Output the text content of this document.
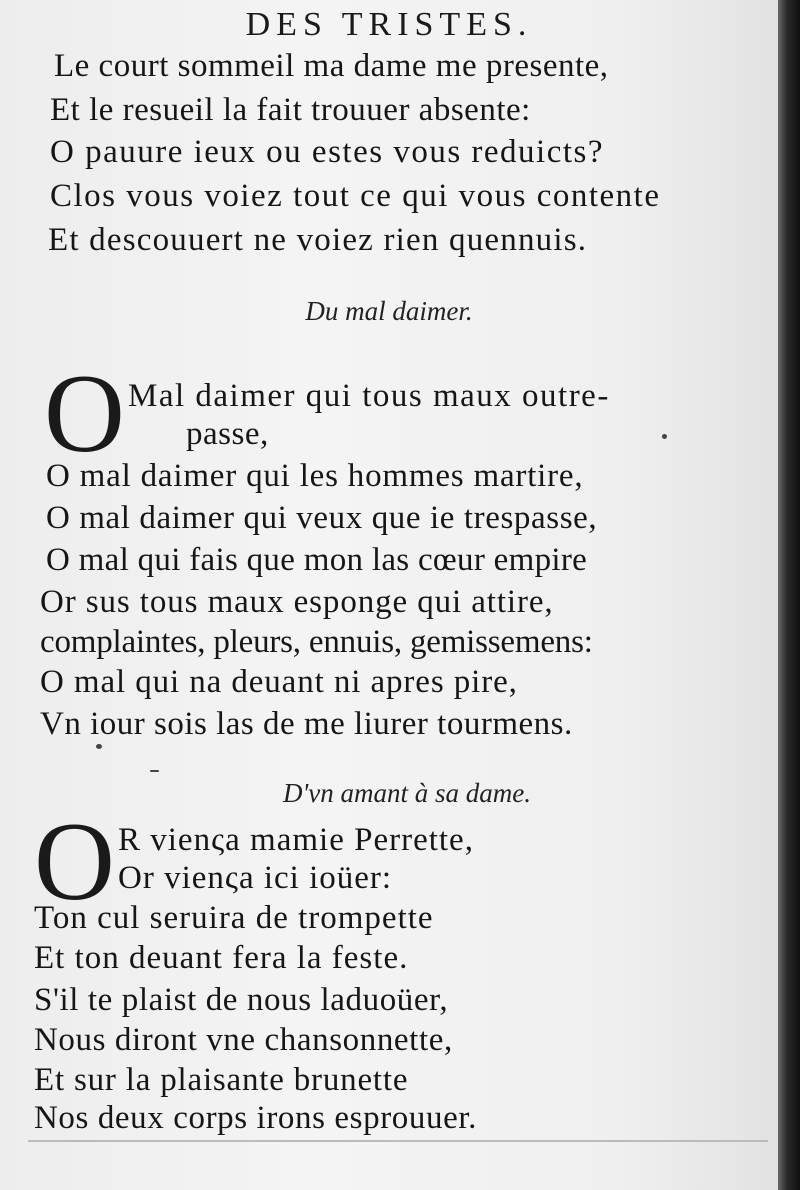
DES TRISTES.
Le court sommeil ma dame me presente,
Et le resueil la fait trouuer absente:
O pauure ieux ou estes vous reduicts?
Clos vous voiez tout ce qui vous contente
Et descouuert ne voiez rien quennuis.
Du mal daimer.
O Mal daimer qui tous maux outre-
passe,
O mal daimer qui les hommes martire,
O mal daimer qui veux que ie trespasse,
O mal qui fais que mon las cœur empire
Or sus tous maux esponge qui attire,
complaintes, pleurs, ennuis, gemissemens:
O mal qui na deuant ni apres pire,
Vn iour sois las de me liurer tourmens.
D'vn amant à sa dame.
O R vienςa mamie Perrette,
Or vienςa ici ioüer:
Ton cul seruira de trompette
Et ton deuant fera la feste.
S'il te plaist de nous laduoüer,
Nous diront vne chansonnette,
Et sur la plaisante brunette
Nos deux corps irons esprouuer.
